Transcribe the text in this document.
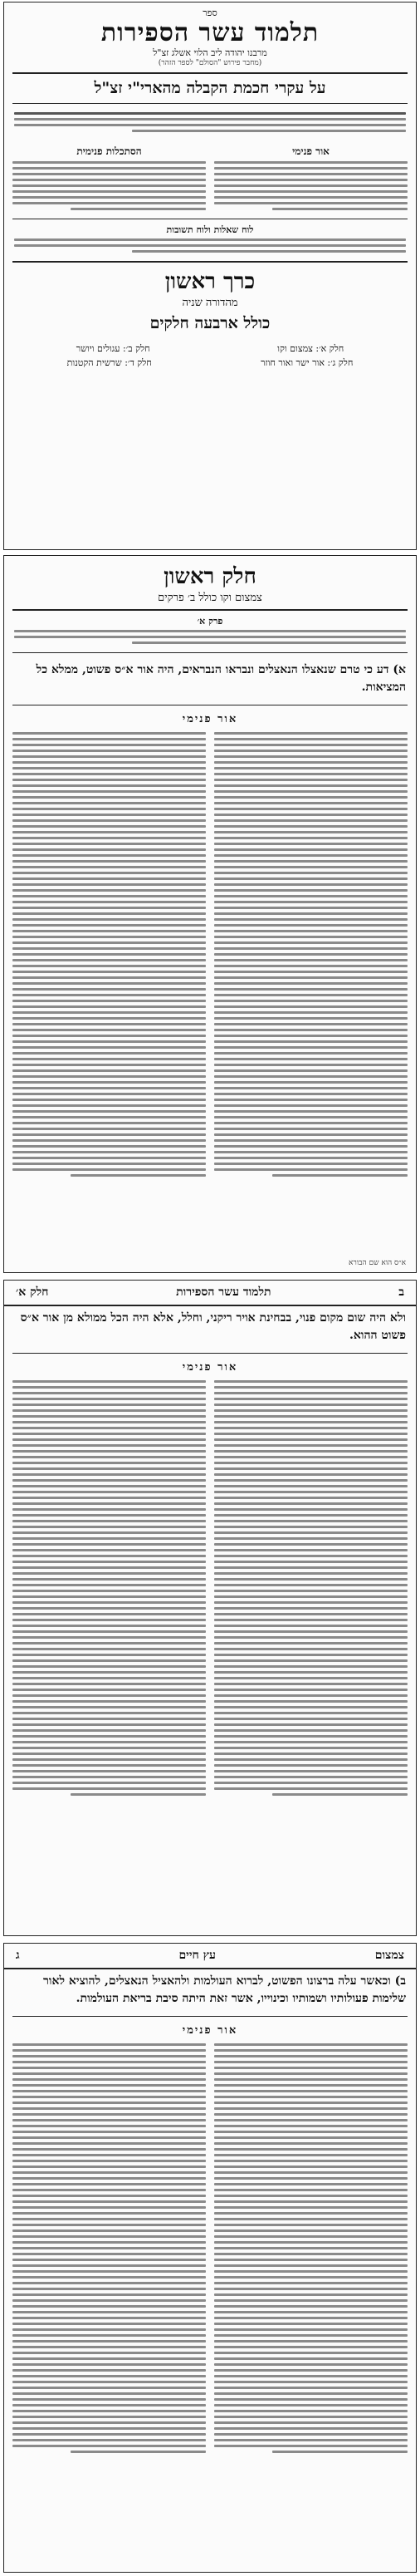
ספר
תלמוד עשר הספירות
מרבנו יהודה ליב הלוי אשלג זצ"ל
(מחבר פירוש "הסולם" לספר הזהר)
על עקרי חכמת הקבלה מהארי"י זצ"ל
אור פנימי
הסתכלות פנימית
לוח שאלות ולוח תשובות
כרך ראשון
מהדורה שניה
כולל ארבעה חלקים
חלק א׳: צמצום וקו
חלק ב׳: עגולים ויושר
חלק ג׳: אור ישר ואור חוזר
חלק ד׳: שרשית הקטנות
חלק ראשון
צמצום וקו כולל ב׳ פרקים
פרק א׳
א) דע כי טרם שנאצלו הנאצלים ונבראו הנבראים, היה אור א״ס פשוט, ממלא כל המציאות.
אור פנימי
א״ס הוא שם הבורא
ב
תלמוד עשר הספירות
חלק א׳
ולא היה שום מקום פנוי, בבחינת אויר ריקני, וחלל, אלא היה הכל ממולא מן אור א״ס פשוט ההוא.
אור פנימי
צמצום
עץ חיים
ג
ב) וכאשר עלה ברצונו הפשוט, לברוא העולמות ולהאציל הנאצלים, להוציא לאור שלימות פעולותיו ושמותיו וכינוייו, אשר זאת היתה סיבת בריאת העולמות.
אור פנימי
